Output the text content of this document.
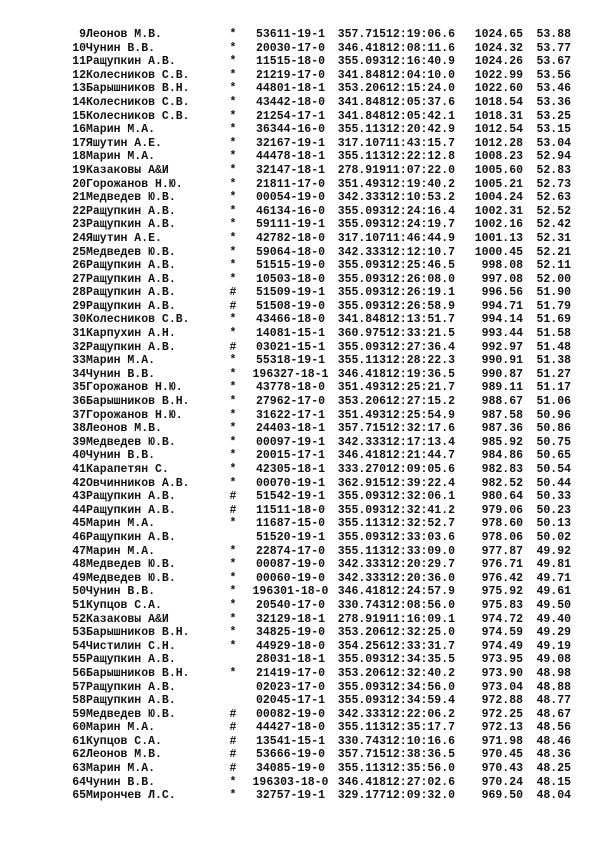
9	Леонов М.В.	*	53611-19-1	357.715	12:19:06.6	1024.65	53.88
10	Чунин В.В.	*	20030-17-0	346.418	12:08:11.6	1024.32	53.77
11	Ращупкин А.В.	*	11515-18-0	355.093	12:16:40.9	1024.26	53.67
12	Колесников С.В.	*	21219-17-0	341.848	12:04:10.0	1022.99	53.56
13	Барышников В.Н.	*	44801-18-1	353.206	12:15:24.0	1022.60	53.46
14	Колесников С.В.	*	43442-18-0	341.848	12:05:37.6	1018.54	53.36
15	Колесников С.В.	*	21254-17-1	341.848	12:05:42.1	1018.31	53.25
16	Марин М.А.	*	36344-16-0	355.113	12:20:42.9	1012.54	53.15
17	Яшутин А.Е.	*	32167-19-1	317.107	11:43:15.7	1012.28	53.04
18	Марин М.А.	*	44478-18-1	355.113	12:22:12.8	1008.23	52.94
19	Казаковы А&И	*	32147-18-1	278.919	11:07:22.0	1005.60	52.83
20	Горожанов Н.Ю.	*	21811-17-0	351.493	12:19:40.2	1005.21	52.73
21	Медведев Ю.В.	*	00054-19-0	342.333	12:10:53.2	1004.24	52.63
22	Ращупкин А.В.	*	46134-16-0	355.093	12:24:16.4	1002.31	52.52
23	Ращупкин А.В.	*	59111-19-1	355.093	12:24:19.7	1002.16	52.42
24	Яшутин А.Е.	*	42782-18-0	317.107	11:46:44.9	1001.13	52.31
25	Медведев Ю.В.	*	59064-18-0	342.333	12:12:10.7	1000.45	52.21
26	Ращупкин А.В.	*	51515-19-0	355.093	12:25:46.5	998.08	52.11
27	Ращупкин А.В.	*	10503-18-0	355.093	12:26:08.0	997.08	52.00
28	Ращупкин А.В.	#	51509-19-1	355.093	12:26:19.1	996.56	51.90
29	Ращупкин А.В.	#	51508-19-0	355.093	12:26:58.9	994.71	51.79
30	Колесников С.В.	*	43466-18-0	341.848	12:13:51.7	994.14	51.69
31	Карпухин А.Н.	*	14081-15-1	360.975	12:33:21.5	993.44	51.58
32	Ращупкин А.В.	#	03021-15-1	355.093	12:27:36.4	992.97	51.48
33	Марин М.А.	*	55318-19-1	355.113	12:28:22.3	990.91	51.38
34	Чунин В.В.	*	196327-18-1	346.418	12:19:36.5	990.87	51.27
35	Горожанов Н.Ю.	*	43778-18-0	351.493	12:25:21.7	989.11	51.17
36	Барышников В.Н.	*	27962-17-0	353.206	12:27:15.2	988.67	51.06
37	Горожанов Н.Ю.	*	31622-17-1	351.493	12:25:54.9	987.58	50.96
38	Леонов М.В.	*	24403-18-1	357.715	12:32:17.6	987.36	50.86
39	Медведев Ю.В.	*	00097-19-1	342.333	12:17:13.4	985.92	50.75
40	Чунин В.В.	*	20015-17-1	346.418	12:21:44.7	984.86	50.65
41	Карапетян С.	*	42305-18-1	333.270	12:09:05.6	982.83	50.54
42	Овчинников А.В.	*	00070-19-1	362.915	12:39:22.4	982.52	50.44
43	Ращупкин А.В.	#	51542-19-1	355.093	12:32:06.1	980.64	50.33
44	Ращупкин А.В.	#	11511-18-0	355.093	12:32:41.2	979.06	50.23
45	Марин М.А.	*	11687-15-0	355.113	12:32:52.7	978.60	50.13
46	Ращупкин А.В.		51520-19-1	355.093	12:33:03.6	978.06	50.02
47	Марин М.А.	*	22874-17-0	355.113	12:33:09.0	977.87	49.92
48	Медведев Ю.В.	*	00087-19-0	342.333	12:20:29.7	976.71	49.81
49	Медведев Ю.В.	*	00060-19-0	342.333	12:20:36.0	976.42	49.71
50	Чунин В.В.	*	196301-18-0	346.418	12:24:57.9	975.92	49.61
51	Купцов С.А.	*	20540-17-0	330.743	12:08:56.0	975.83	49.50
52	Казаковы А&И	*	32129-18-1	278.919	11:16:09.1	974.72	49.40
53	Барышников В.Н.	*	34825-19-0	353.206	12:32:25.0	974.59	49.29
54	Чистилин С.Н.	*	44929-18-0	354.256	12:33:31.7	974.49	49.19
55	Ращупкин А.В.		28031-18-1	355.093	12:34:35.5	973.95	49.08
56	Барышников В.Н.	*	21419-17-0	353.206	12:32:40.2	973.90	48.98
57	Ращупкин А.В.		02023-17-0	355.093	12:34:56.0	973.04	48.88
58	Ращупкин А.В.		02045-17-1	355.093	12:34:59.4	972.88	48.77
59	Медведев Ю.В.	#	00082-19-0	342.333	12:22:06.2	972.25	48.67
60	Марин М.А.	#	44427-18-0	355.113	12:35:17.7	972.13	48.56
61	Купцов С.А.	#	13541-15-1	330.743	12:10:16.6	971.98	48.46
62	Леонов М.В.	#	53666-19-0	357.715	12:38:36.5	970.45	48.36
63	Марин М.А.	#	34085-19-0	355.113	12:35:56.0	970.43	48.25
64	Чунин В.В.	*	196303-18-0	346.418	12:27:02.6	970.24	48.15
65	Мирончев Л.С.	*	32757-19-1	329.177	12:09:32.0	969.50	48.04
